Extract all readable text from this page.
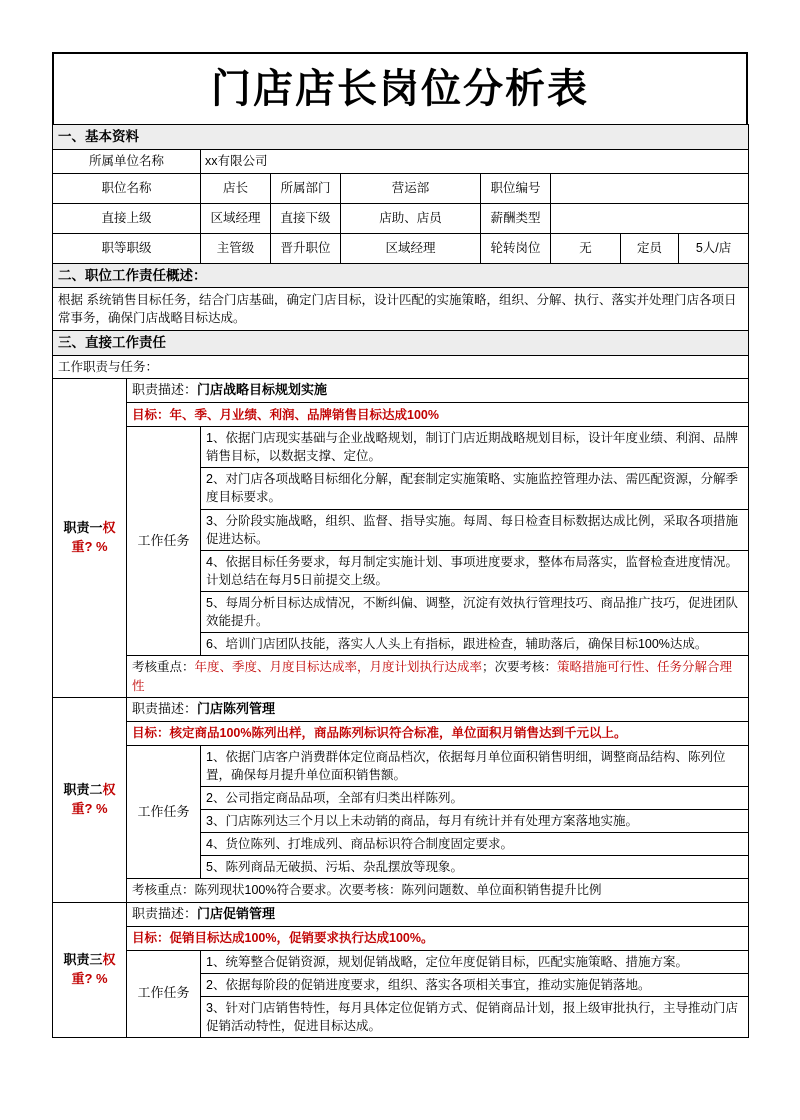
门店店长岗位分析表
一、基本资料								
所属单位名称		xx有限公司						
职位名称		店长	所属部门	营运部	职位编号			
直接上级		区域经理	直接下级	店助、店员	薪酬类型			
职等职级		主管级	晋升职位	区域经理	轮转岗位	无	定员	5人/店
二、职位工作责任概述：								
根据 系统销售目标任务，结合门店基础，确定门店目标，设计匹配的实施策略，组织、分解、执行、落实并处理门店各项日常事务，确保门店战略目标达成。								
三、直接工作责任								
工作职责与任务：								
职责一权重? %	职责描述：门店战略目标规划实施							
	目标：年、季、月业绩、利润、品牌销售目标达成100%							
	工作任务	1、依据门店现实基础与企业战略规划，制订门店近期战略规划目标，设计年度业绩、利润、品牌销售目标，以数据支撑、定位。						
		2、对门店各项战略目标细化分解，配套制定实施策略、实施监控管理办法、需匹配资源，分解季度目标要求。						
		3、分阶段实施战略，组织、监督、指导实施。每周、每日检查目标数据达成比例，采取各项措施促进达标。						
		4、依据目标任务要求，每月制定实施计划、事项进度要求，整体布局落实，监督检查进度情况。计划总结在每月5日前提交上级。						
		5、每周分析目标达成情况，不断纠偏、调整，沉淀有效执行管理技巧、商品推广技巧，促进团队效能提升。						
		6、培训门店团队技能，落实人人头上有指标，跟进检查，辅助落后，确保目标100%达成。						
	考核重点：年度、季度、月度目标达成率，月度计划执行达成率；次要考核：策略措施可行性、任务分解合理性							
职责二权重? %	职责描述：门店陈列管理							
	目标：核定商品100%陈列出样，商品陈列标识符合标准，单位面积月销售达到千元以上。							
	工作任务	1、依据门店客户消费群体定位商品档次，依据每月单位面积销售明细，调整商品结构、陈列位置，确保每月提升单位面积销售额。						
		2、公司指定商品品项，全部有归类出样陈列。						
		3、门店陈列达三个月以上未动销的商品，每月有统计并有处理方案落地实施。						
		4、货位陈列、打堆成列、商品标识符合制度固定要求。						
		5、陈列商品无破损、污垢、杂乱摆放等现象。						
	考核重点：陈列现状100%符合要求。次要考核：陈列问题数、单位面积销售提升比例							
职责三权重? %	职责描述：门店促销管理							
	目标：促销目标达成100%，促销要求执行达成100%。							
	工作任务	1、统筹整合促销资源，规划促销战略，定位年度促销目标，匹配实施策略、措施方案。						
		2、依据每阶段的促销进度要求，组织、落实各项相关事宜，推动实施促销落地。						
		3、针对门店销售特性，每月具体定位促销方式、促销商品计划，报上级审批执行，主导推动门店促销活动特性，促进目标达成。						
